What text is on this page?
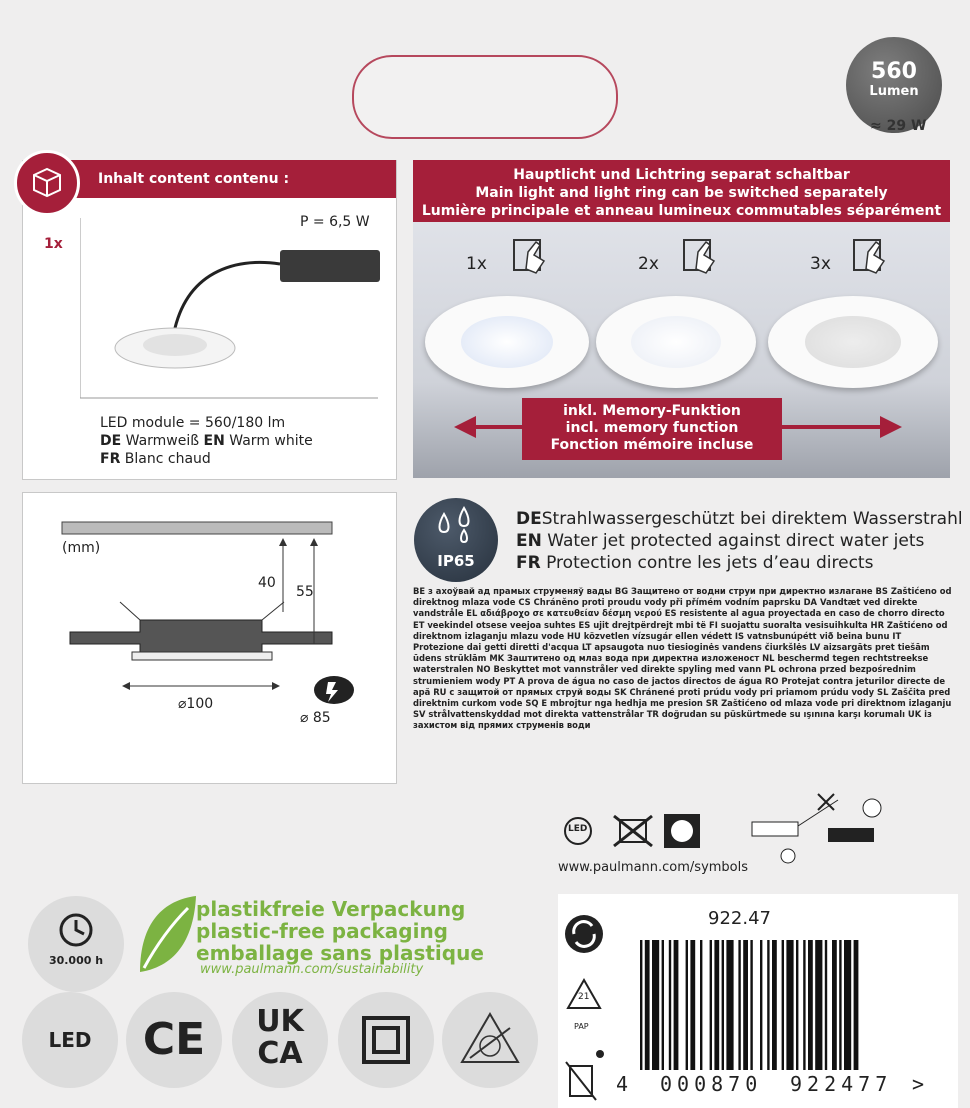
560
Lumen
≈ 29 W
Inhalt content contenu :
1x
P = 6,5 W
LED module = 560/180 lm
DE Warmweiß EN Warm white
FR Blanc chaud
Hauptlicht und Lichtring separat schaltbar
Main light and light ring can be switched separately
Lumière principale et anneau lumineux commutables séparément
1x	2x	3x
inkl. Memory-Funktion
incl. memory function
Fonction mémoire incluse
(mm)
40
55
⌀100
⌀ 85
IP65
DEStrahlwassergeschützt bei direktem Wasserstrahl
EN Water jet protected against direct water jets
FR Protection contre les jets d’eau directs
BE з ахоўвай ад прамых струменяў вады BG Защитено от водни струи при директно излагане BS Zaštićeno od direktnog mlaza vode CS Chráněno proti proudu vody při přímém vodním paprsku DA Vandtæt ved direkte vandstråle EL αδιάβροχο σε κατευθείαν δέσμη νερού ES resistente al agua proyectada en caso de chorro directo ET veekindel otsese veejoa suhtes ES ujit drejtpërdrejt mbi të FI suojattu suoralta vesisuihkulta HR Zaštićeno od direktnom izlaganju mlazu vode HU közvetlen vízsugár ellen védett IS vatnsbunúpétt við beina bunu IT Protezione dai getti diretti d'acqua LT apsaugota nuo tiesioginės vandens čiurkšlės LV aizsargāts pret tiešām ūdens strūklām MK Заштитено од млаз вода при директна изложеност NL beschermd tegen rechtstreekse waterstralen NO Beskyttet mot vannstråler ved direkte spyling med vann PL ochrona przed bezpośrednim strumieniem wody PT A prova de água no caso de jactos directos de água RO Protejat contra jeturilor directe de apă RU с защитой от прямых струй воды SK Chránené proti prúdu vody pri priamom prúdu vody SL Zaščita pred direktnim curkom vode SQ E mbrojtur nga hedhja me presion SR Zaštićeno od mlaza vode pri direktnom izlaganju SV strålvattenskyddad mot direkta vattenstrålar TR doğrudan su püskürtmede su ışınına karşı korumalı UK із захистом від прямих струменів води
LED
www.paulmann.com/symbols
30.000 h
plastikfreie Verpackung
plastic-free packaging
emballage sans plastique
www.paulmann.com/sustainability
LED	CE	UK
CA
21
PAP
922.47
4 000870 922477 >
